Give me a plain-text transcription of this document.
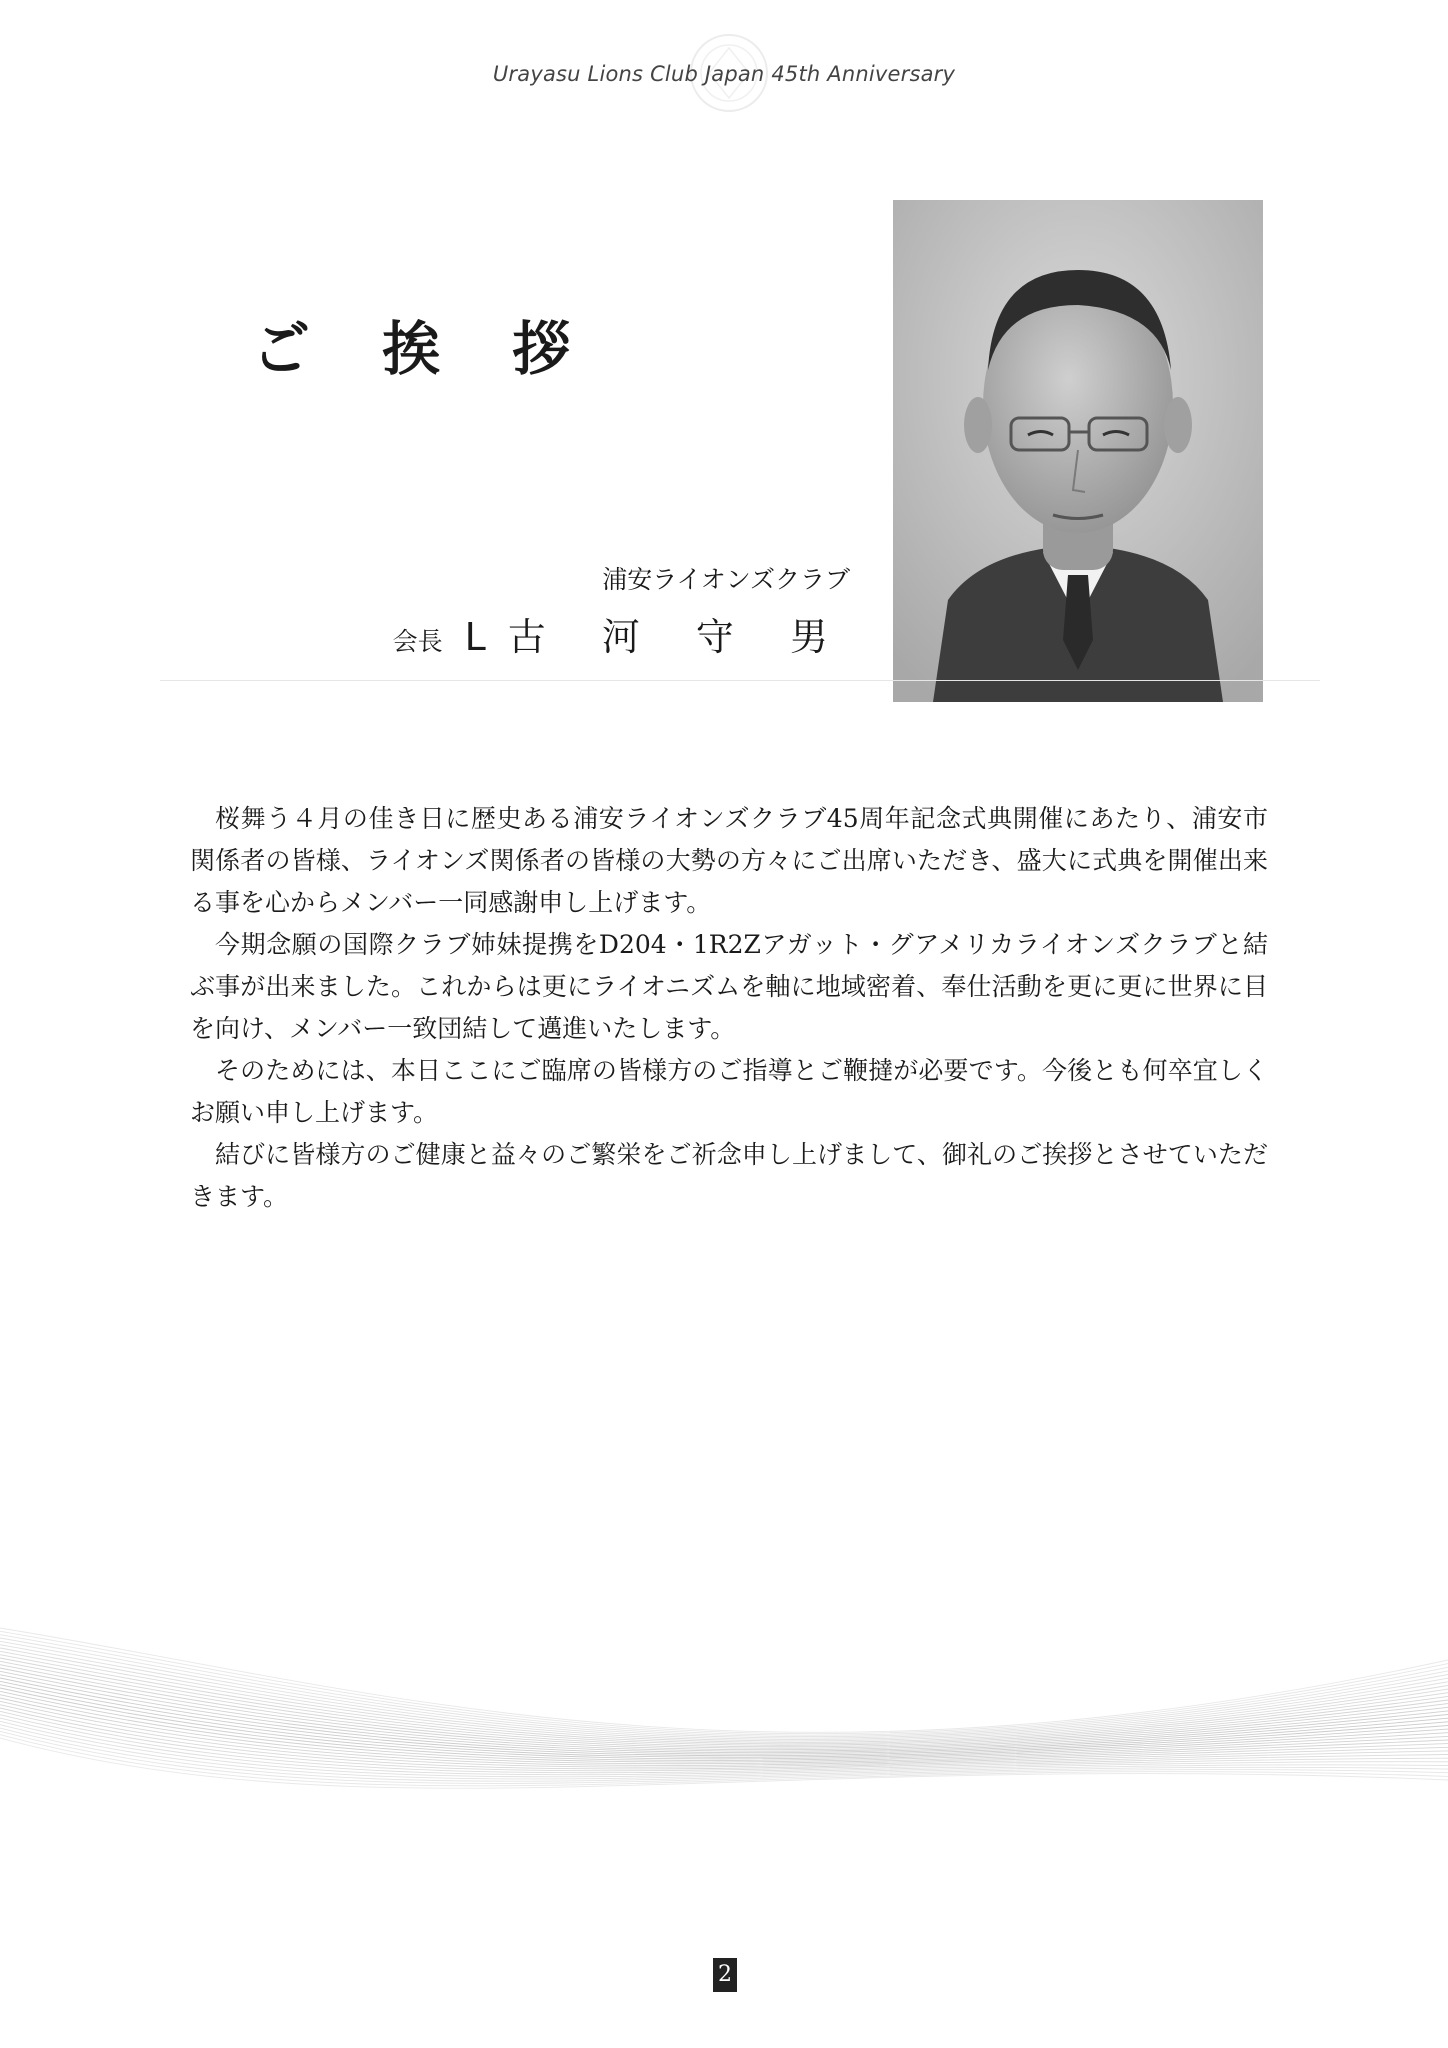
Urayasu Lions Club Japan 45th Anniversary
ご 挨 拶
浦安ライオンズクラブ
会長 L古 河 守 男

桜舞う４月の佳き日に歴史ある浦安ライオンズクラブ45周年記念式典開催にあたり、浦安市関係者の皆様、ライオンズ関係者の皆様の大勢の方々にご出席いただき、盛大に式典を開催出来る事を心からメンバー一同感謝申し上げます。

今期念願の国際クラブ姉妹提携をD204・1R2Zアガット・グアメリカライオンズクラブと結ぶ事が出来ました。これからは更にライオニズムを軸に地域密着、奉仕活動を更に更に世界に目を向け、メンバー一致団結して邁進いたします。

そのためには、本日ここにご臨席の皆様方のご指導とご鞭撻が必要です。今後とも何卒宜しくお願い申し上げます。

結びに皆様方のご健康と益々のご繁栄をご祈念申し上げまして、御礼のご挨拶とさせていただきます。

2
